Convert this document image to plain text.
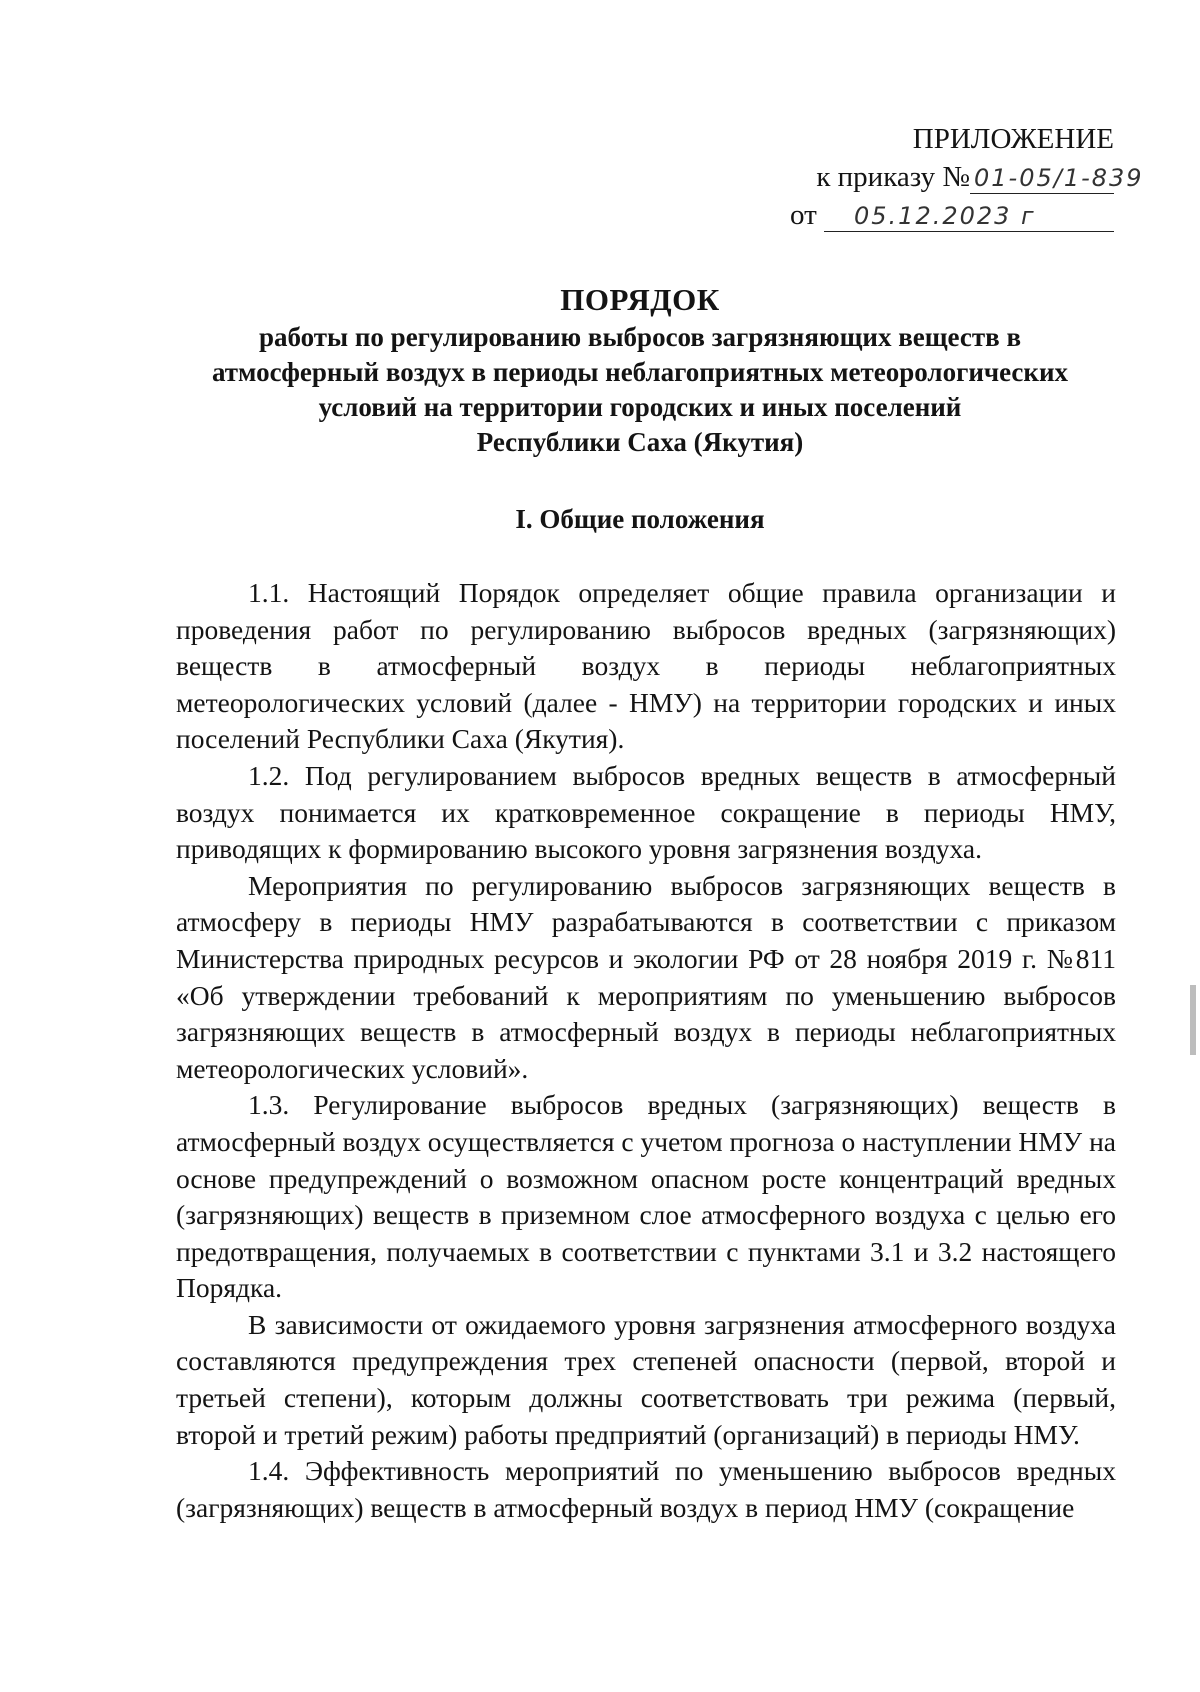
ПРИЛОЖЕНИЕ
к приказу № 01-05/1-839
от 05.12.2023 г
ПОРЯДОК

работы по регулированию выбросов загрязняющих веществ в

атмосферный воздух в периоды неблагоприятных метеорологических

условий на территории городских и иных поселений

Республики Саха (Якутия)

I. Общие положения

1.1. Настоящий Порядок определяет общие правила организации и проведения работ по регулированию выбросов вредных (загрязняющих) веществ в атмосферный воздух в периоды неблагоприятных метеорологических условий (далее - НМУ) на территории городских и иных поселений Республики Саха (Якутия).

1.2. Под регулированием выбросов вредных веществ в атмосферный воздух понимается их кратковременное сокращение в периоды НМУ, приводящих к формированию высокого уровня загрязнения воздуха.

Мероприятия по регулированию выбросов загрязняющих веществ в атмосферу в периоды НМУ разрабатываются в соответствии с приказом Министерства природных ресурсов и экологии РФ от 28 ноября 2019 г. №811 «Об утверждении требований к мероприятиям по уменьшению выбросов загрязняющих веществ в атмосферный воздух в периоды неблагоприятных метеорологических условий».

1.3. Регулирование выбросов вредных (загрязняющих) веществ в атмосферный воздух осуществляется с учетом прогноза о наступлении НМУ на основе предупреждений о возможном опасном росте концентраций вредных (загрязняющих) веществ в приземном слое атмосферного воздуха с целью его предотвращения, получаемых в соответствии с пунктами 3.1 и 3.2 настоящего Порядка.

В зависимости от ожидаемого уровня загрязнения атмосферного воздуха составляются предупреждения трех степеней опасности (первой, второй и третьей степени), которым должны соответствовать три режима (первый, второй и третий режим) работы предприятий (организаций) в периоды НМУ.

1.4. Эффективность мероприятий по уменьшению выбросов вредных (загрязняющих) веществ в атмосферный воздух в период НМУ (сокращение
